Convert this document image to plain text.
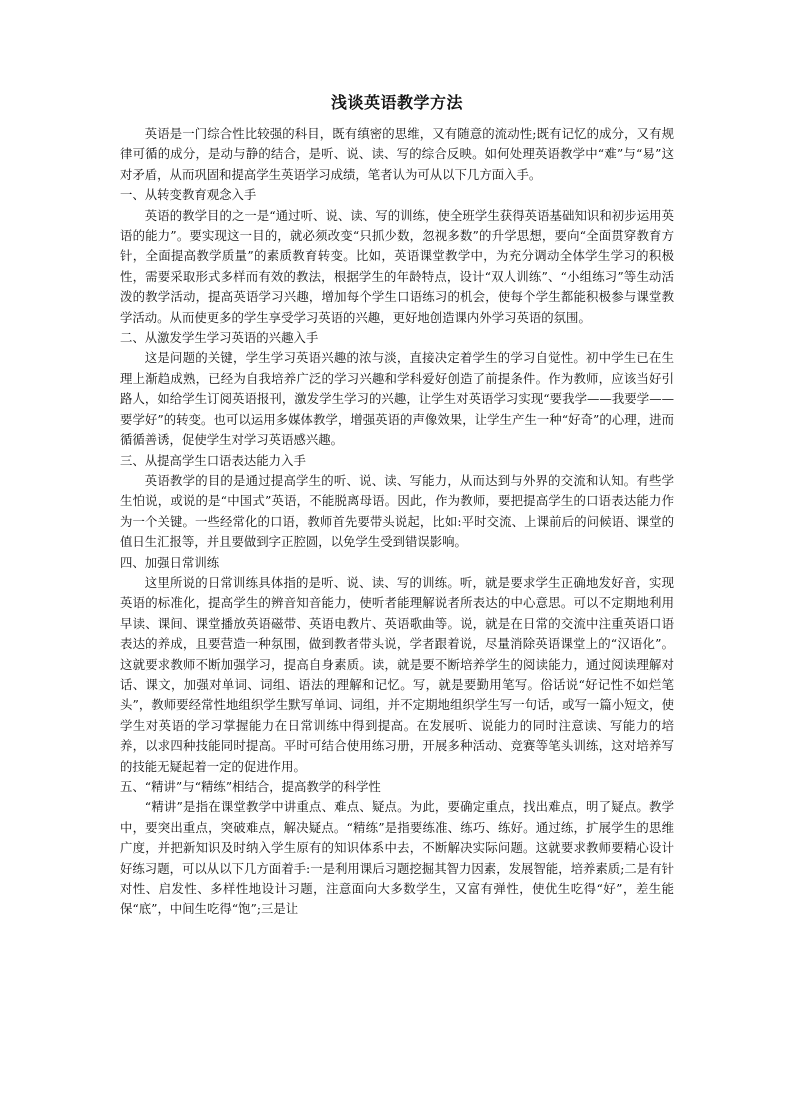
浅谈英语教学方法

英语是一门综合性比较强的科目，既有缜密的思维，又有随意的流动性;既有记忆的成分，又有规律可循的成分，是动与静的结合，是听、说、读、写的综合反映。如何处理英语教学中“难”与“易”这对矛盾，从而巩固和提高学生英语学习成绩，笔者认为可从以下几方面入手。

一、从转变教育观念入手

英语的教学目的之一是“通过听、说、读、写的训练，使全班学生获得英语基础知识和初步运用英语的能力”。要实现这一目的，就必须改变“只抓少数，忽视多数”的升学思想，要向“全面贯穿教育方针，全面提高教学质量”的素质教育转变。比如，英语课堂教学中，为充分调动全体学生学习的积极性，需要采取形式多样而有效的教法，根据学生的年龄特点，设计“双人训练”、“小组练习”等生动活泼的教学活动，提高英语学习兴趣，增加每个学生口语练习的机会，使每个学生都能积极参与课堂教学活动。从而使更多的学生享受学习英语的兴趣，更好地创造课内外学习英语的氛围。

二、从激发学生学习英语的兴趣入手

这是问题的关键，学生学习英语兴趣的浓与淡，直接决定着学生的学习自觉性。初中学生已在生理上渐趋成熟，已经为自我培养广泛的学习兴趣和学科爱好创造了前提条件。作为教师，应该当好引路人，如给学生订阅英语报刊，激发学生学习的兴趣，让学生对英语学习实现“要我学——我要学——要学好”的转变。也可以运用多媒体教学，增强英语的声像效果，让学生产生一种“好奇”的心理，进而循循善诱，促使学生对学习英语感兴趣。

三、从提高学生口语表达能力入手

英语教学的目的是通过提高学生的听、说、读、写能力，从而达到与外界的交流和认知。有些学生怕说，或说的是“中国式”英语，不能脱离母语。因此，作为教师，要把提高学生的口语表达能力作为一个关键。一些经常化的口语，教师首先要带头说起，比如:平时交流、上课前后的问候语、课堂的值日生汇报等，并且要做到字正腔圆，以免学生受到错误影响。

四、加强日常训练

这里所说的日常训练具体指的是听、说、读、写的训练。听，就是要求学生正确地发好音，实现英语的标准化，提高学生的辨音知音能力，使听者能理解说者所表达的中心意思。可以不定期地利用早读、课间、课堂播放英语磁带、英语电教片、英语歌曲等。说，就是在日常的交流中注重英语口语表达的养成，且要营造一种氛围，做到教者带头说，学者跟着说，尽量消除英语课堂上的“汉语化”。这就要求教师不断加强学习，提高自身素质。读，就是要不断培养学生的阅读能力，通过阅读理解对话、课文，加强对单词、词组、语法的理解和记忆。写，就是要勤用笔写。俗话说“好记性不如烂笔头”，教师要经常性地组织学生默写单词、词组，并不定期地组织学生写一句话，或写一篇小短文，使学生对英语的学习掌握能力在日常训练中得到提高。在发展听、说能力的同时注意读、写能力的培养，以求四种技能同时提高。平时可结合使用练习册，开展多种活动、竞赛等笔头训练，这对培养写的技能无疑起着一定的促进作用。

五、“精讲”与“精练”相结合，提高教学的科学性

“精讲”是指在课堂教学中讲重点、难点、疑点。为此，要确定重点，找出难点，明了疑点。教学中，要突出重点，突破难点，解决疑点。“精练”是指要练准、练巧、练好。通过练，扩展学生的思维广度，并把新知识及时纳入学生原有的知识体系中去，不断解决实际问题。这就要求教师要精心设计好练习题，可以从以下几方面着手:一是利用课后习题挖掘其智力因素，发展智能，培养素质;二是有针对性、启发性、多样性地设计习题，注意面向大多数学生，又富有弹性，使优生吃得“好”，差生能保“底”，中间生吃得“饱”;三是让
